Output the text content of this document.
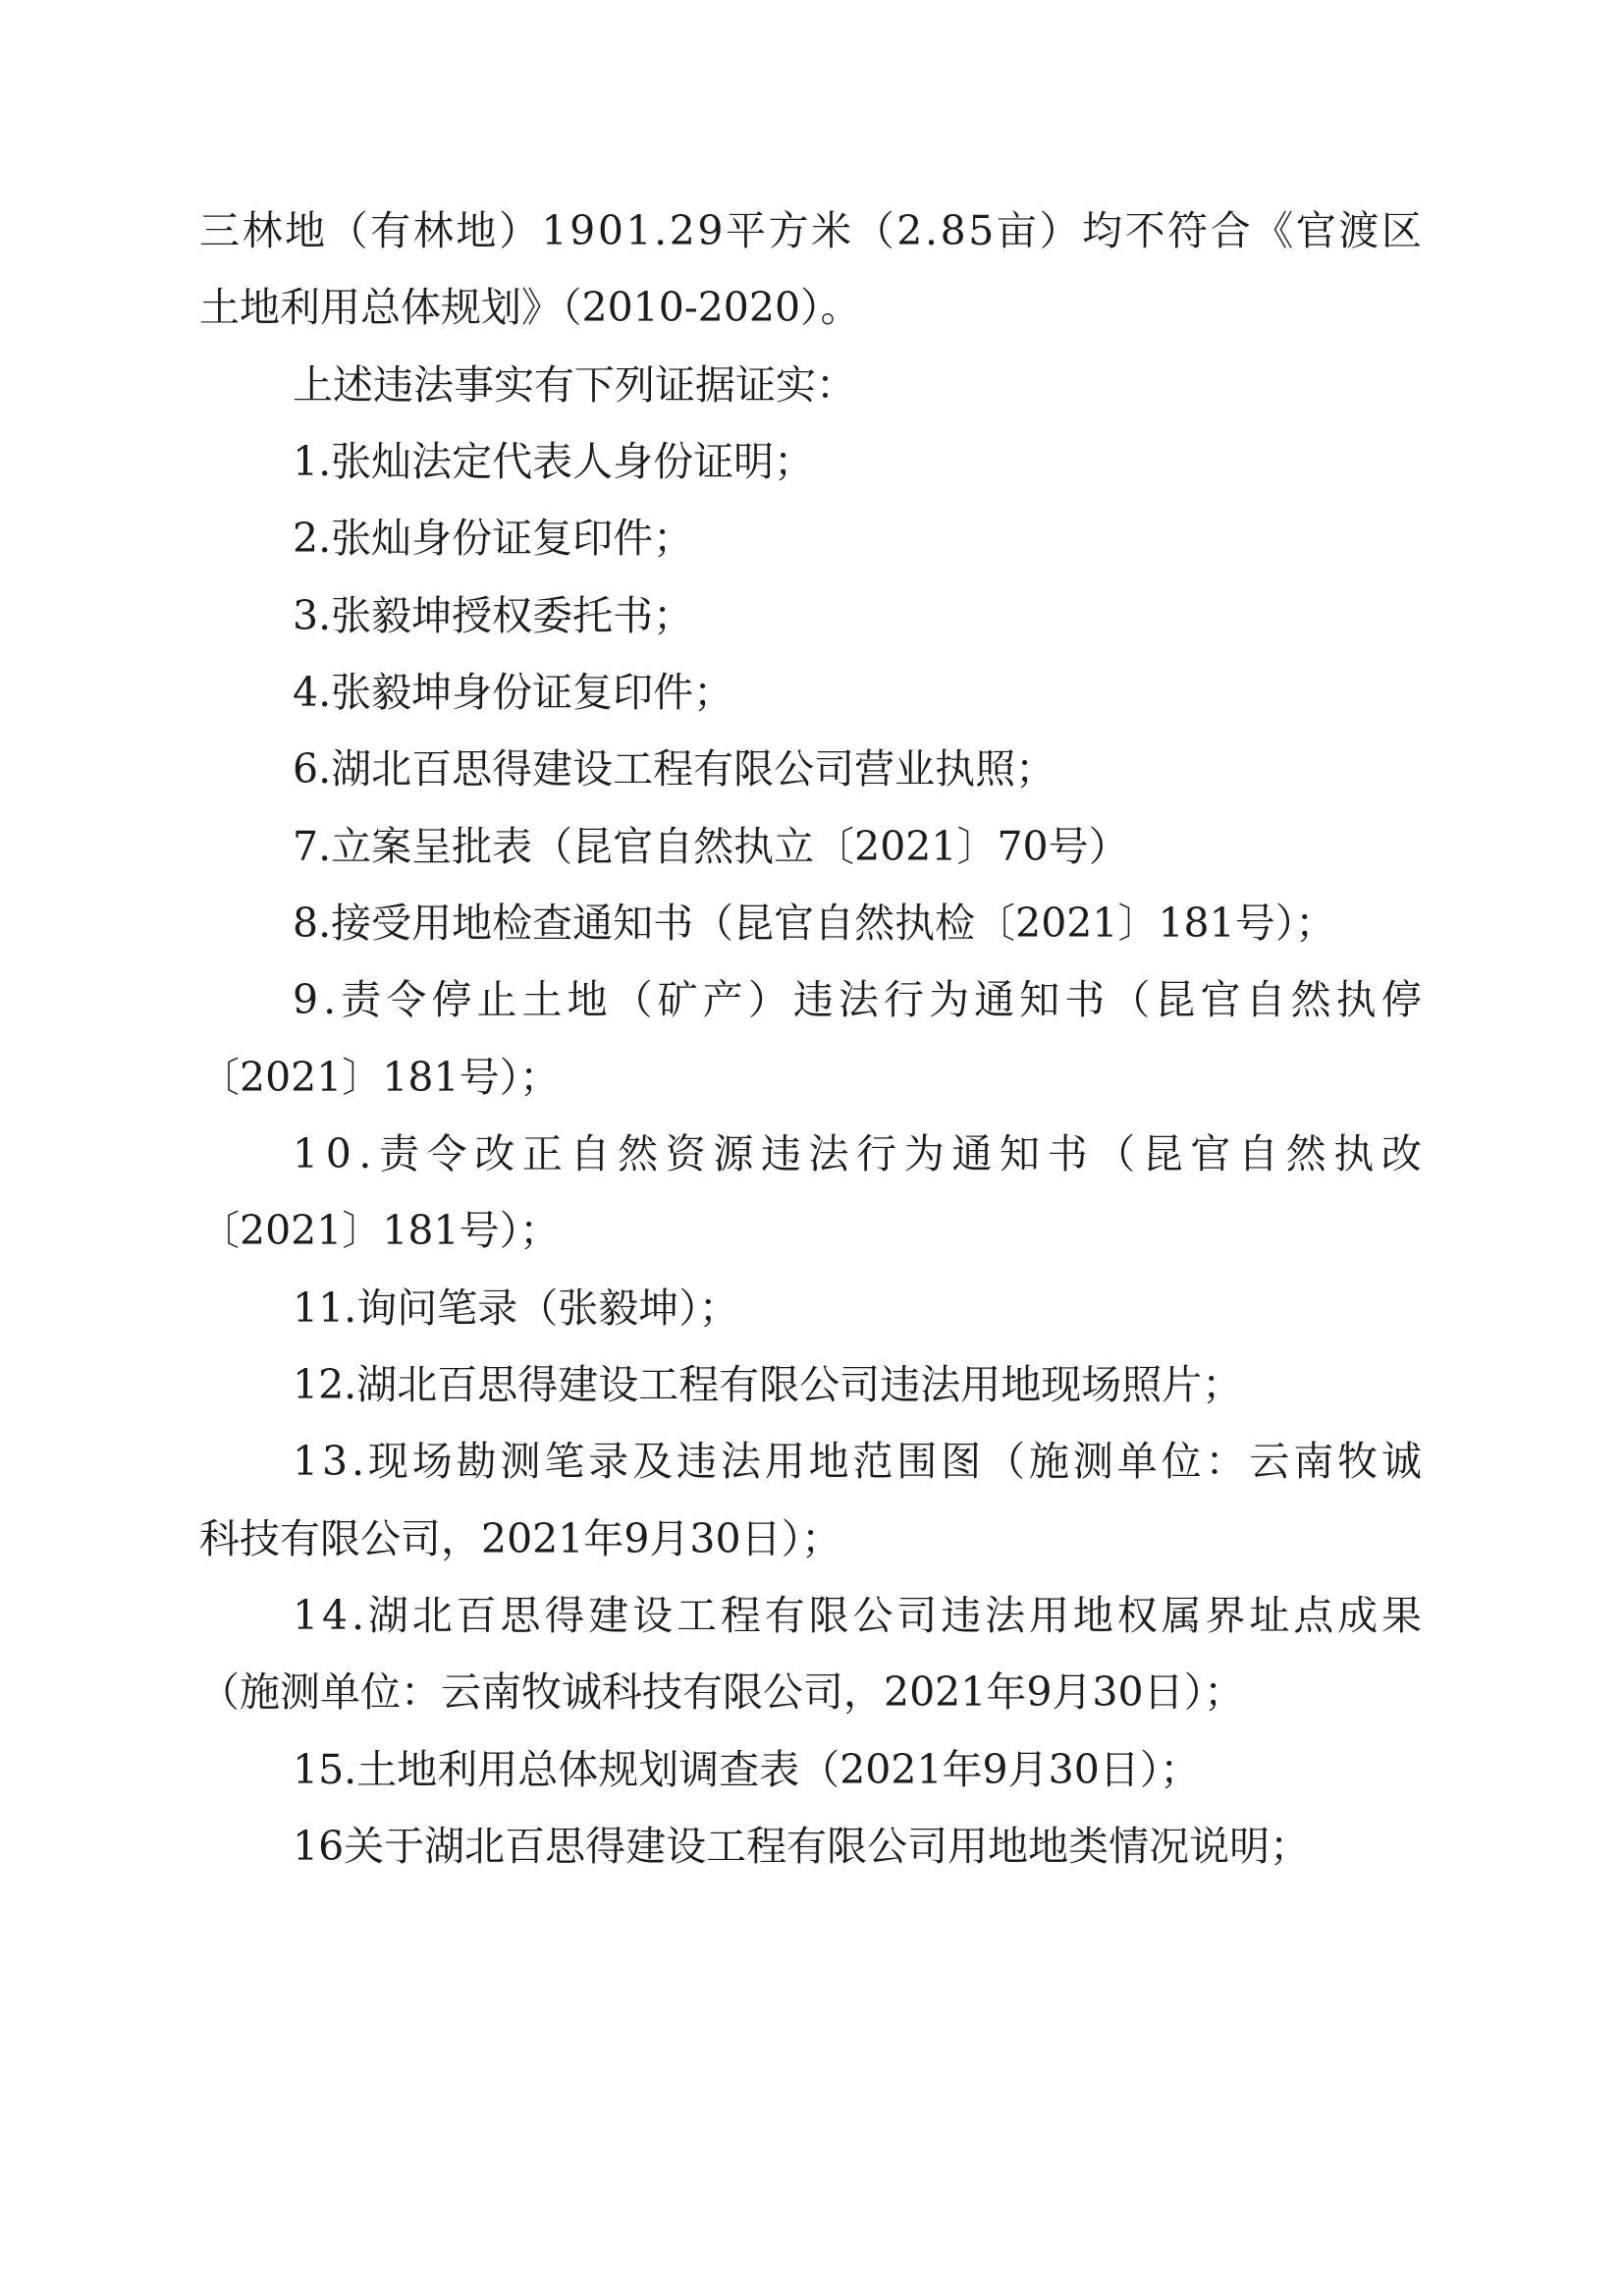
三 林 地 （ 有 林 地 ） 1 9 0 1 . 2 9 平 方 米 （ 2 . 8 5 亩 ） 均 不 符 合 《 官 渡 区
土地利用总体规划》（2010-2020）。
上述违法事实有下列证据证实：
1.张灿法定代表人身份证明；
2.张灿身份证复印件；
3.张毅坤授权委托书；
4.张毅坤身份证复印件；
6.湖北百思得建设工程有限公司营业执照；
7.立案呈批表（昆官自然执立〔2021〕70号）
8.接受用地检查通知书（昆官自然执检〔2021〕181号）；
9 . 责 令 停 止 土 地 （ 矿 产 ） 违 法 行 为 通 知 书 （ 昆 官 自 然 执 停
〔2021〕181号）；
1 0 . 责 令 改 正 自 然 资 源 违 法 行 为 通 知 书 （ 昆 官 自 然 执 改
〔2021〕181号）；
11.询问笔录（张毅坤）；
12.湖北百思得建设工程有限公司违法用地现场照片；
1 3 . 现 场 勘 测 笔 录 及 违 法 用 地 范 围 图 （ 施 测 单 位 ： 云 南 牧 诚
科技有限公司，2021年9月30日）；
1 4 . 湖 北 百 思 得 建 设 工 程 有 限 公 司 违 法 用 地 权 属 界 址 点 成 果
（施测单位：云南牧诚科技有限公司，2021年9月30日）；
15.土地利用总体规划调查表（2021年9月30日）；
16关于湖北百思得建设工程有限公司用地地类情况说明；
